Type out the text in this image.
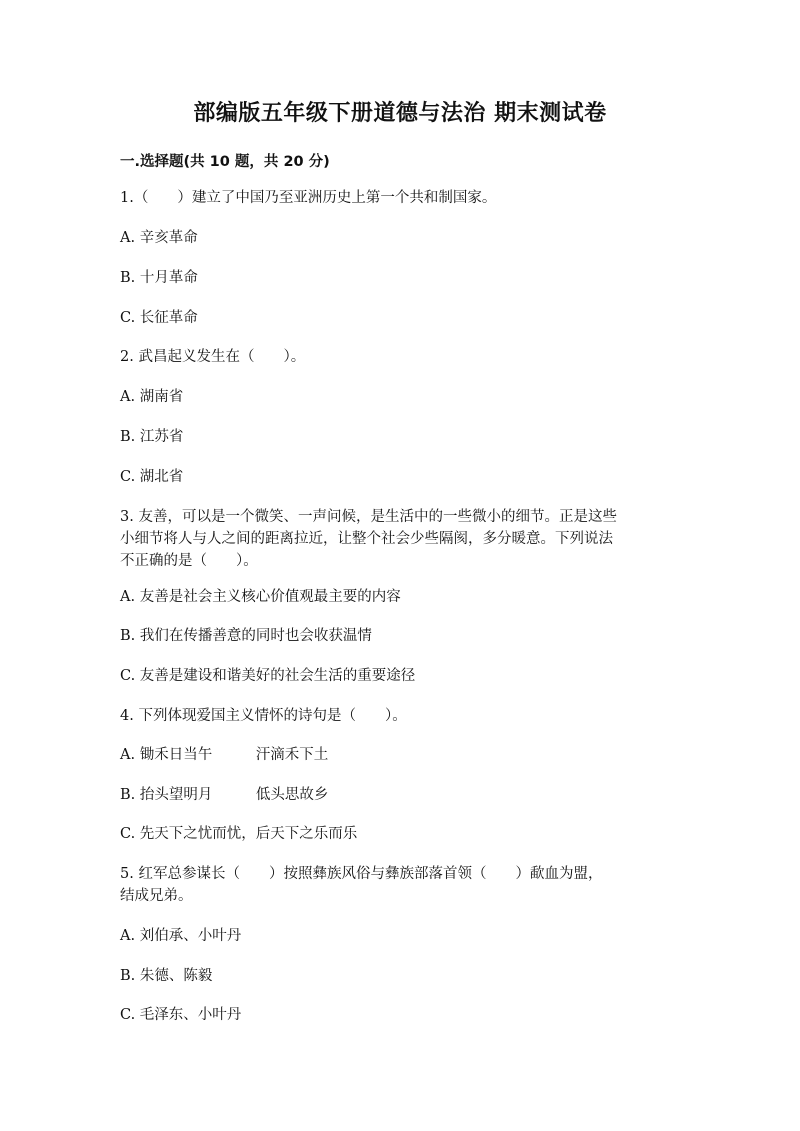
部编版五年级下册道德与法治 期末测试卷
一.选择题(共 10 题，共 20 分)
1.（　　）建立了中国乃至亚洲历史上第一个共和制国家。
A. 辛亥革命
B. 十月革命
C. 长征革命
2. 武昌起义发生在（　　）。
A. 湖南省
B. 江苏省
C. 湖北省
3. 友善，可以是一个微笑、一声问候，是生活中的一些微小的细节。正是这些
小细节将人与人之间的距离拉近，让整个社会少些隔阂，多分暖意。下列说法
不正确的是（　　）。
A. 友善是社会主义核心价值观最主要的内容
B. 我们在传播善意的同时也会收获温情
C. 友善是建设和谐美好的社会生活的重要途径
4. 下列体现爱国主义情怀的诗句是（　　）。
A. 锄禾日当午　　　汗滴禾下土
B. 抬头望明月　　　低头思故乡
C. 先天下之忧而忧，后天下之乐而乐
5. 红军总参谋长（　　）按照彝族风俗与彝族部落首领（　　）歃血为盟，
结成兄弟。
A. 刘伯承、小叶丹
B. 朱德、陈毅
C. 毛泽东、小叶丹
